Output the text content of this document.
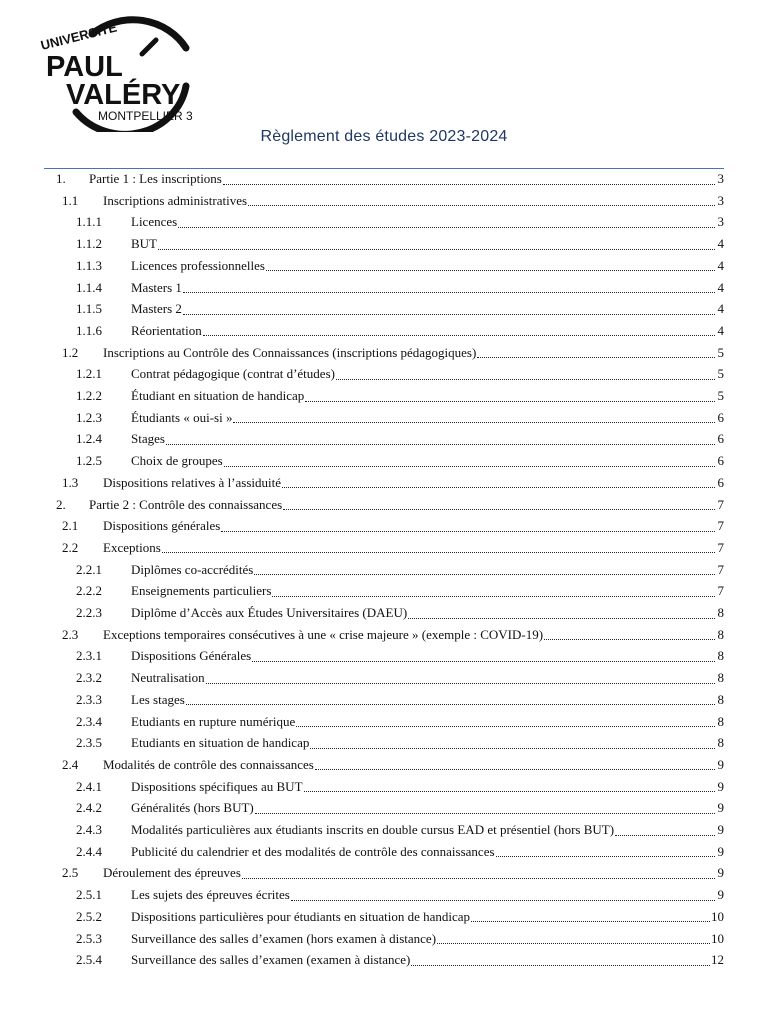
UNIVERSITÉ
PAUL
VALÉRY
MONTPELLIER 3
Règlement des études 2023-2024
1.	Partie 1 : Les inscriptions	3
1.1	Inscriptions administratives	3
1.1.1	Licences	3
1.1.2	BUT	4
1.1.3	Licences professionnelles	4
1.1.4	Masters 1	4
1.1.5	Masters 2	4
1.1.6	Réorientation	4
1.2	Inscriptions au Contrôle des Connaissances (inscriptions pédagogiques)	5
1.2.1	Contrat pédagogique (contrat d’études)	5
1.2.2	Étudiant en situation de handicap	5
1.2.3	Étudiants « oui-si »	6
1.2.4	Stages	6
1.2.5	Choix de groupes	6
1.3	Dispositions relatives à l’assiduité	6
2.	Partie 2 : Contrôle des connaissances	7
2.1	Dispositions générales	7
2.2	Exceptions	7
2.2.1	Diplômes co-accrédités	7
2.2.2	Enseignements particuliers	7
2.2.3	Diplôme d’Accès aux Études Universitaires (DAEU)	8
2.3	Exceptions temporaires consécutives à une « crise majeure » (exemple : COVID-19)	8
2.3.1	Dispositions Générales	8
2.3.2	Neutralisation	8
2.3.3	Les stages	8
2.3.4	Etudiants en rupture numérique	8
2.3.5	Etudiants en situation de handicap	8
2.4	Modalités de contrôle des connaissances	9
2.4.1	Dispositions spécifiques au BUT	9
2.4.2	Généralités (hors BUT)	9
2.4.3	Modalités particulières aux étudiants inscrits en double cursus EAD et présentiel (hors BUT)	9
2.4.4	Publicité du calendrier et des modalités de contrôle des connaissances	9
2.5	Déroulement des épreuves	9
2.5.1	Les sujets des épreuves écrites	9
2.5.2	Dispositions particulières pour étudiants en situation de handicap	10
2.5.3	Surveillance des salles d’examen (hors examen à distance)	10
2.5.4	Surveillance des salles d’examen (examen à distance)	12
